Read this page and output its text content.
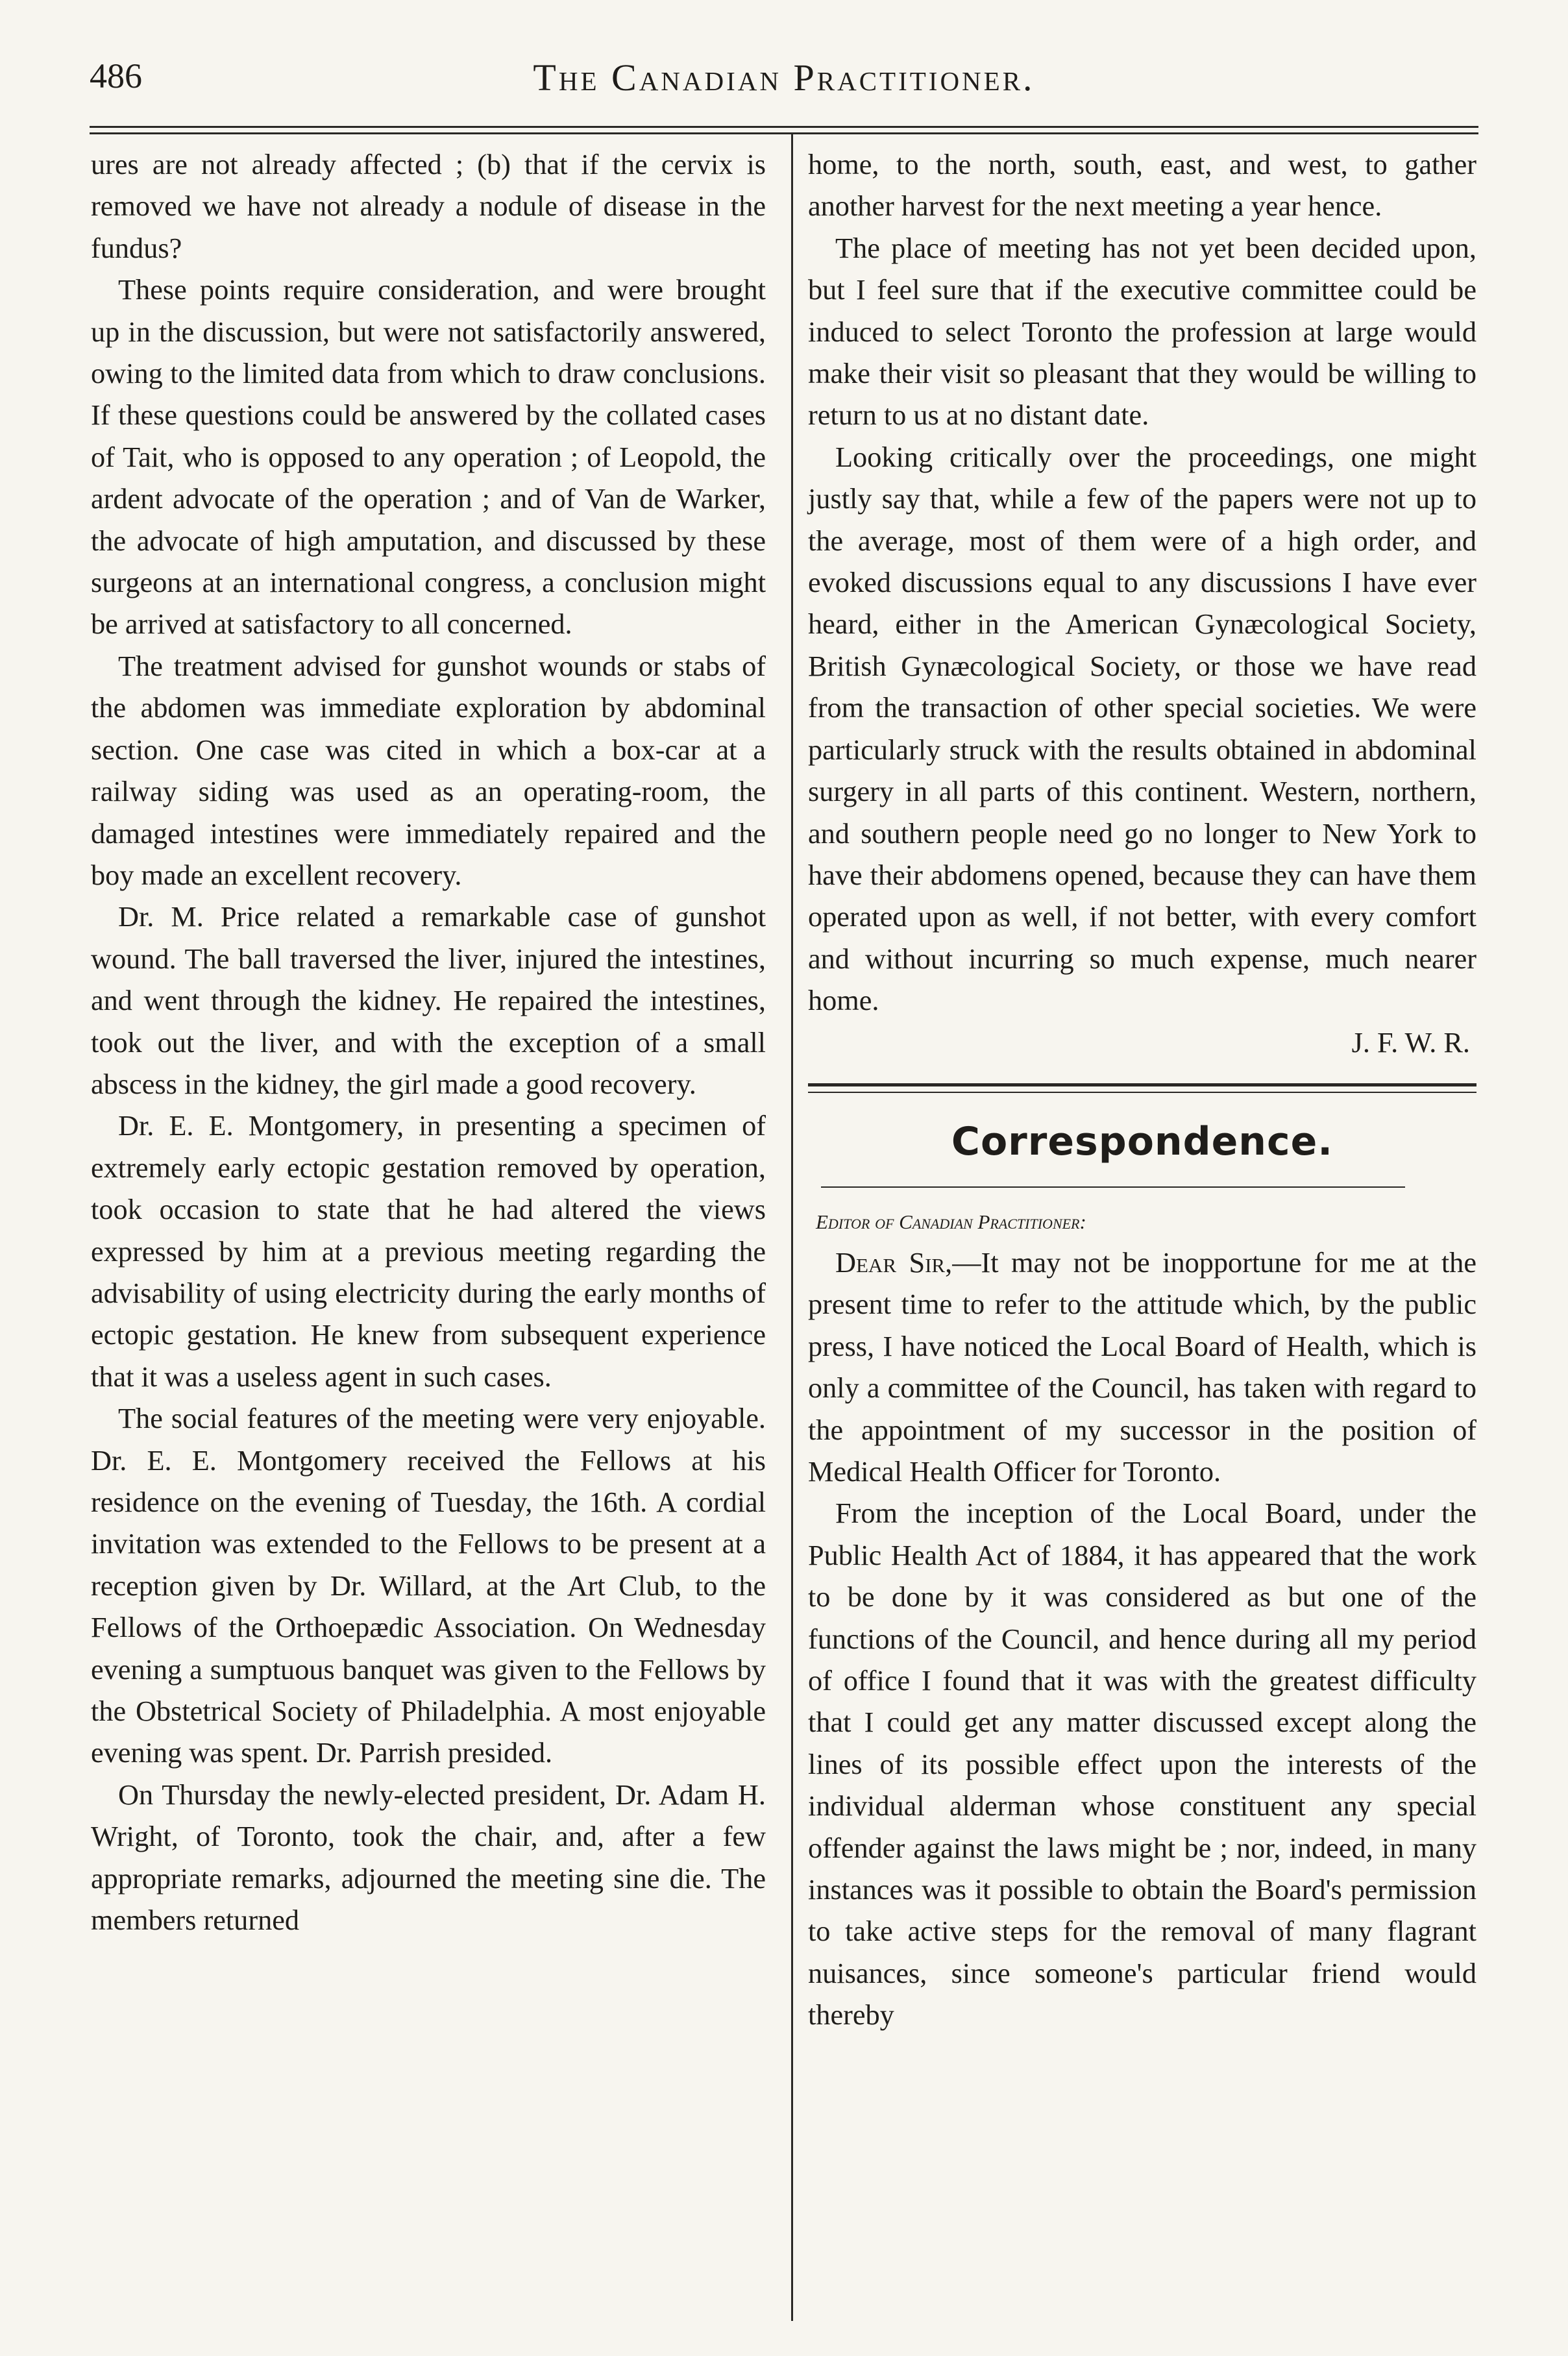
486	The Canadian Practitioner.

ures are not already affected ; (b) that if the cervix is removed we have not already a nodule of disease in the fundus?

These points require consideration, and were brought up in the discussion, but were not satisfactorily answered, owing to the limited data from which to draw conclusions. If these questions could be answered by the collated cases of Tait, who is opposed to any operation ; of Leopold, the ardent advocate of the operation ; and of Van de Warker, the advocate of high amputation, and discussed by these surgeons at an international congress, a conclusion might be arrived at satisfactory to all concerned.

The treatment advised for gunshot wounds or stabs of the abdomen was immediate exploration by abdominal section. One case was cited in which a box-car at a railway siding was used as an operating-room, the damaged intestines were immediately repaired and the boy made an excellent recovery.

Dr. M. Price related a remarkable case of gunshot wound. The ball traversed the liver, injured the intestines, and went through the kidney. He repaired the intestines, took out the liver, and with the exception of a small abscess in the kidney, the girl made a good recovery.

Dr. E. E. Montgomery, in presenting a specimen of extremely early ectopic gestation removed by operation, took occasion to state that he had altered the views expressed by him at a previous meeting regarding the advisability of using electricity during the early months of ectopic gestation. He knew from subsequent experience that it was a useless agent in such cases.

The social features of the meeting were very enjoyable. Dr. E. E. Montgomery received the Fellows at his residence on the evening of Tuesday, the 16th. A cordial invitation was extended to the Fellows to be present at a reception given by Dr. Willard, at the Art Club, to the Fellows of the Orthoepædic Association. On Wednesday evening a sumptuous banquet was given to the Fellows by the Obstetrical Society of Philadelphia. A most enjoyable evening was spent. Dr. Parrish presided.

On Thursday the newly-elected president, Dr. Adam H. Wright, of Toronto, took the chair, and, after a few appropriate remarks, adjourned the meeting sine die. The members returned

home, to the north, south, east, and west, to gather another harvest for the next meeting a year hence.

The place of meeting has not yet been decided upon, but I feel sure that if the executive committee could be induced to select Toronto the profession at large would make their visit so pleasant that they would be willing to return to us at no distant date.

Looking critically over the proceedings, one might justly say that, while a few of the papers were not up to the average, most of them were of a high order, and evoked discussions equal to any discussions I have ever heard, either in the American Gynæcological Society, British Gynæcological Society, or those we have read from the transaction of other special societies. We were particularly struck with the results obtained in abdominal surgery in all parts of this continent. Western, northern, and southern people need go no longer to New York to have their abdomens opened, because they can have them operated upon as well, if not better, with every comfort and without incurring so much expense, much nearer home.

J. F. W. R.

Correspondence.
Editor of Canadian Practitioner:

Dear Sir,—It may not be inopportune for me at the present time to refer to the attitude which, by the public press, I have noticed the Local Board of Health, which is only a committee of the Council, has taken with regard to the appointment of my successor in the position of Medical Health Officer for Toronto.

From the inception of the Local Board, under the Public Health Act of 1884, it has appeared that the work to be done by it was considered as but one of the functions of the Council, and hence during all my period of office I found that it was with the greatest difficulty that I could get any matter discussed except along the lines of its possible effect upon the interests of the individual alderman whose constituent any special offender against the laws might be ; nor, indeed, in many instances was it possible to obtain the Board's permission to take active steps for the removal of many flagrant nuisances, since someone's particular friend would thereby
